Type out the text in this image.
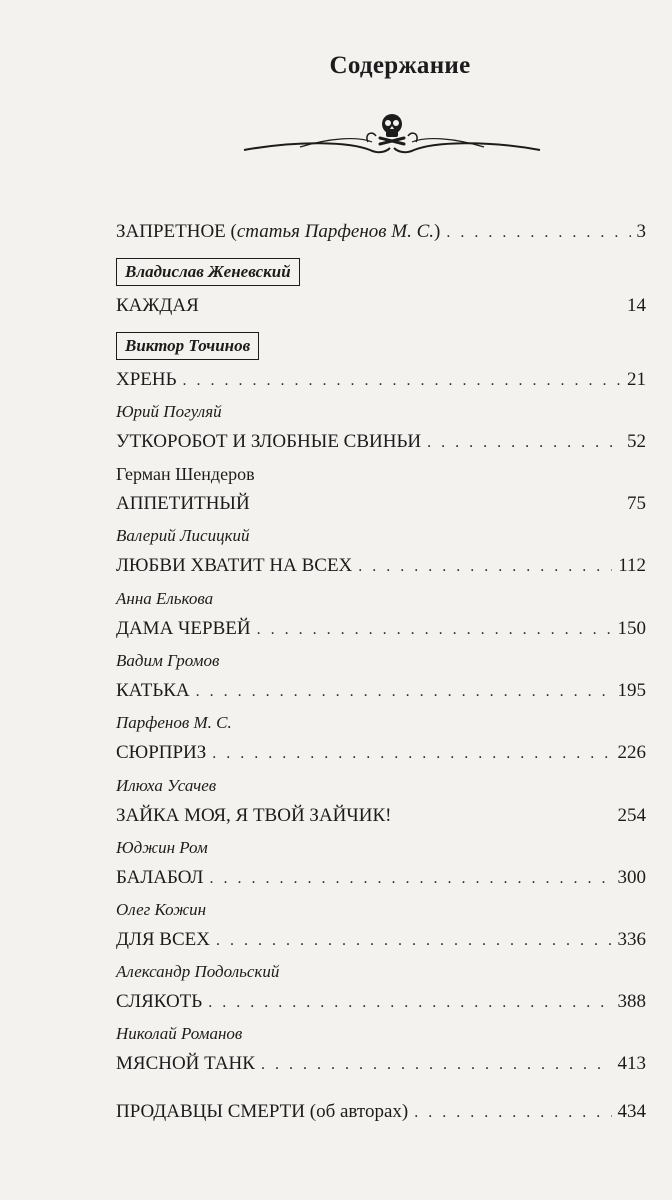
Содержание
ЗАПРЕТНОЕ (статья Парфенов М. С.) . . .	3
Владислав Женевский
КАЖДАЯ	14
Виктор Точинов
ХРЕНЬ . . .	21
Юрий Погуляй
УТКОРОБОТ И ЗЛОБНЫЕ СВИНЬИ . . .	52
Герман Шендеров
АППЕТИТНЫЙ	75
Валерий Лисицкий
ЛЮБВИ ХВАТИТ НА ВСЕХ . . .	112
Анна Елькова
ДАМА ЧЕРВЕЙ . . .	150
Вадим Громов
КАТЬКА . . .	195
Парфенов М. С.
СЮРПРИЗ . . .	226
Илюха Усачев
ЗАЙКА МОЯ, Я ТВОЙ ЗАЙЧИК!	254
Юджин Ром
БАЛАБОЛ . . .	300
Олег Кожин
ДЛЯ ВСЕХ . . .	336
Александр Подольский
СЛЯКОТЬ . . .	388
Николай Романов
МЯСНОЙ ТАНК . . .	413
ПРОДАВЦЫ СМЕРТИ (об авторах) . . .	434
